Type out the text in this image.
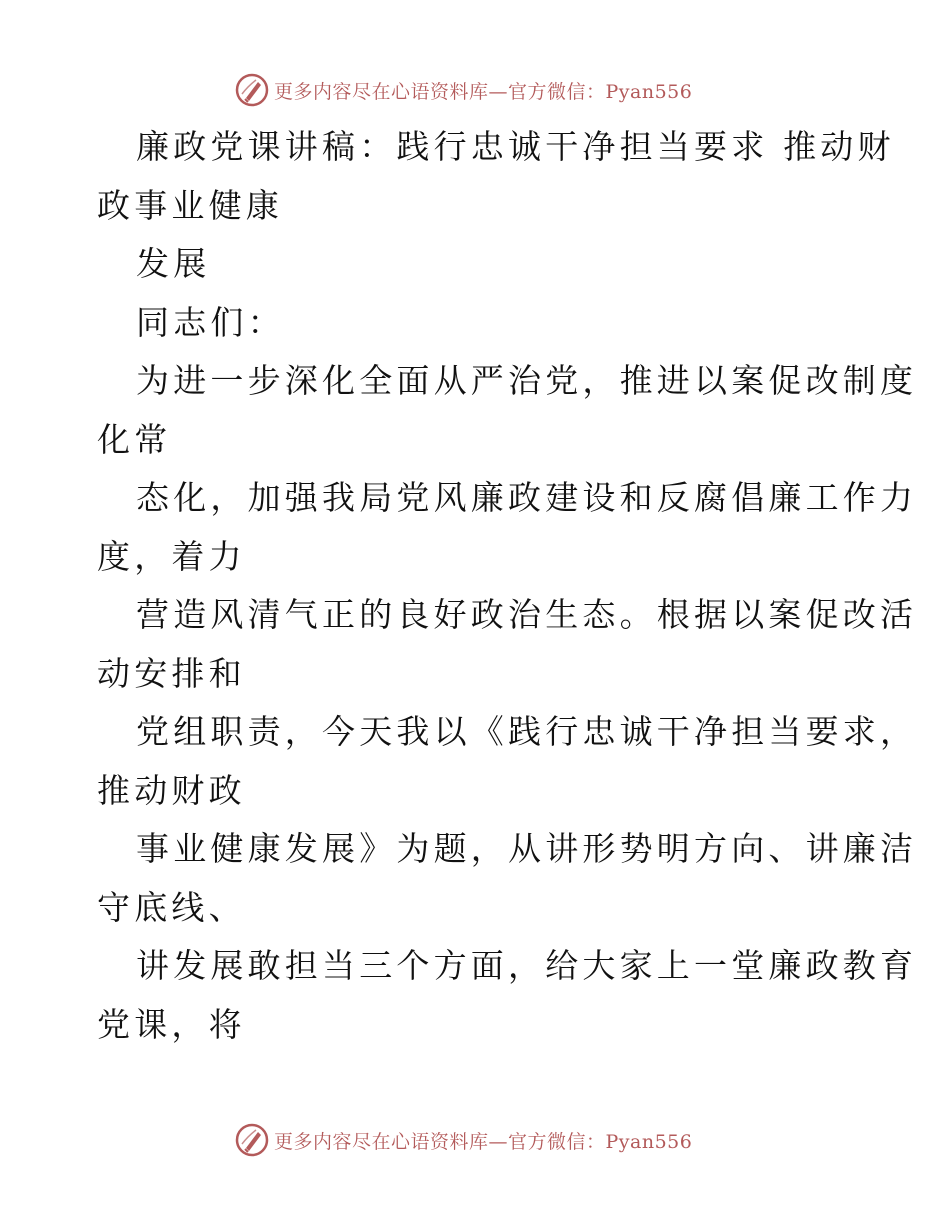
更多内容尽在心语资料库—官方微信：Pyan556
廉政党课讲稿：践行忠诚干净担当要求 推动财
政事业健康
发展
同志们：
为进一步深化全面从严治党，推进以案促改制度
化常
态化，加强我局党风廉政建设和反腐倡廉工作力
度，着力
营造风清气正的良好政治生态。根据以案促改活
动安排和
党组职责，今天我以《践行忠诚干净担当要求，
推动财政
事业健康发展》为题，从讲形势明方向、讲廉洁
守底线、
讲发展敢担当三个方面，给大家上一堂廉政教育
党课，将
更多内容尽在心语资料库—官方微信：Pyan556
